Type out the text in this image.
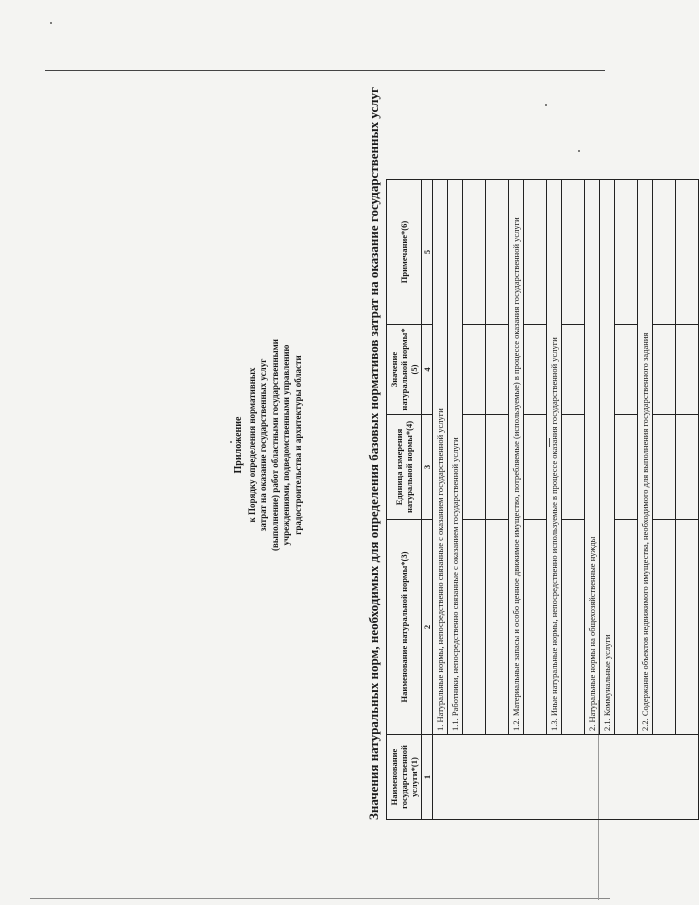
Приложение к Порядку определения нормативных затрат на оказание государственных услуг (выполнение) работ областными государственными учреждениями, подведомственными управлению градостроительства и архитектуры области	Значения натуральных норм, необходимых для определения базовых нормативов затрат на оказание государственных услуг Наименование государственной услуги*(1)	Наименование натуральной нормы*(3)	Единица измерения натуральной нормы*(4)	Значение натуральной нормы*(5)	Примечание*(6)
1	2	3	4	5
	1. Натуральные нормы, непосредственно связанные с оказанием государственной услуги			
	1.1. Работники, непосредственно связанные с оказанием государственной услуги			

	1.2. Материальные запасы и особо ценное движимое имущество, потребляемые (используемые) в процессе оказания государственной услуги			

	1.3. Иные натуральные нормы, непосредственно используемые в процессе оказания государственной услуги			

	2. Натуральные нормы на общехозяйственные нужды			
	2.1. Коммунальные услуги			

	2.2. Содержание объектов недвижимого имущества, необходимого для выполнения государственного задания			
